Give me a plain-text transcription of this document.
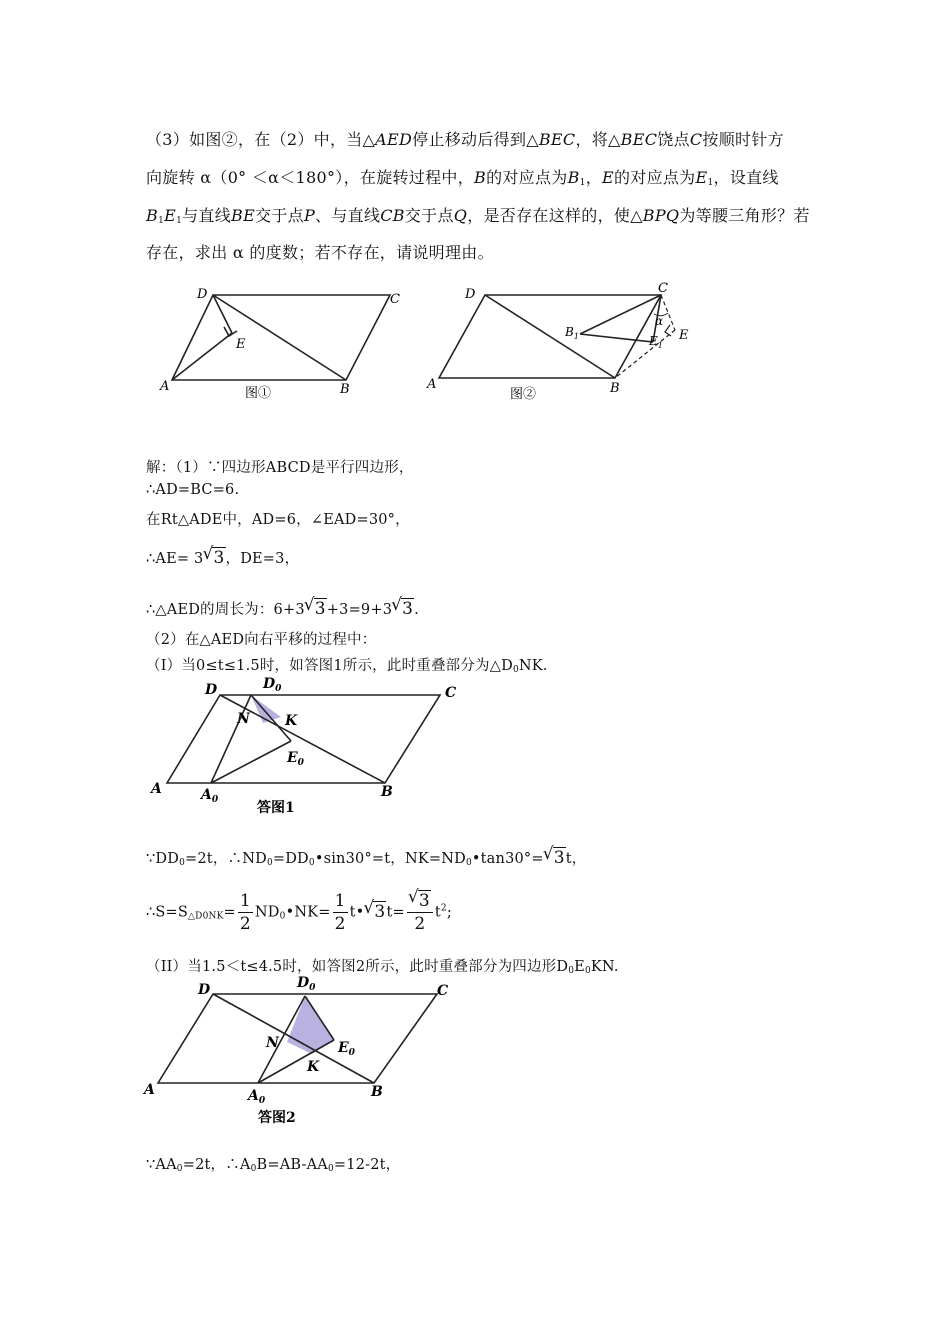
（3）如图②，在（2）中，当△AED停止移动后得到△BEC，将△BEC饶点C按顺时针方
向旋转 α（0° ＜α＜180°），在旋转过程中，B的对应点为$B_1$，E的对应点为$E_1$，设直线
$B_1E_1$与直线BE交于点P、与直线CB交于点Q，是否存在这样的，使△BPQ为等腰三角形？若
存在，求出 α 的度数；若不存在，请说明理由。
D	C
E
A	B
图①
D	C
α
E
$B_1$	$E_1$
A	B
图②
解：（1）∵四边形ABCD是平行四边形，
∴AD=BC=6.
在Rt△ADE中，AD=6，∠EAD=30°，
∴AE= 3√ 3，DE=3，
∴△AED的周长为：6+3√ 3+3=9+3√ 3.
（2）在△AED向右平移的过程中：
（I）当0≤t≤1.5时，如答图1所示，此时重叠部分为$\triangle D_0NK$.
D	$D_0$	C
N	K
$E_0$
A	$A_0$	B
答图1
$\because DD_0=2t$，$\therefore ND_0=DD_0•\sin 30^\circ=t$，$NK=ND_0•\tan 30^\circ=√$ 3t，
$\therefore S=S_{\triangle D0NK}= \frac{1}{2}$ $ND_0•NK= \frac{1}{2}$ t•√ 3t=
√ $\frac{3}{2} t^2$;
（II）当1.5＜t≤4.5时，如答图2所示，此时重叠部分为四边形$D_0E_0KN$.
D	$D_0$	C
N	$E_0$
K
A	$A_0$
B
答图2
$\because AA_0=2t$，$\therefore A_0B=AB-AA_0=12-2t$，
